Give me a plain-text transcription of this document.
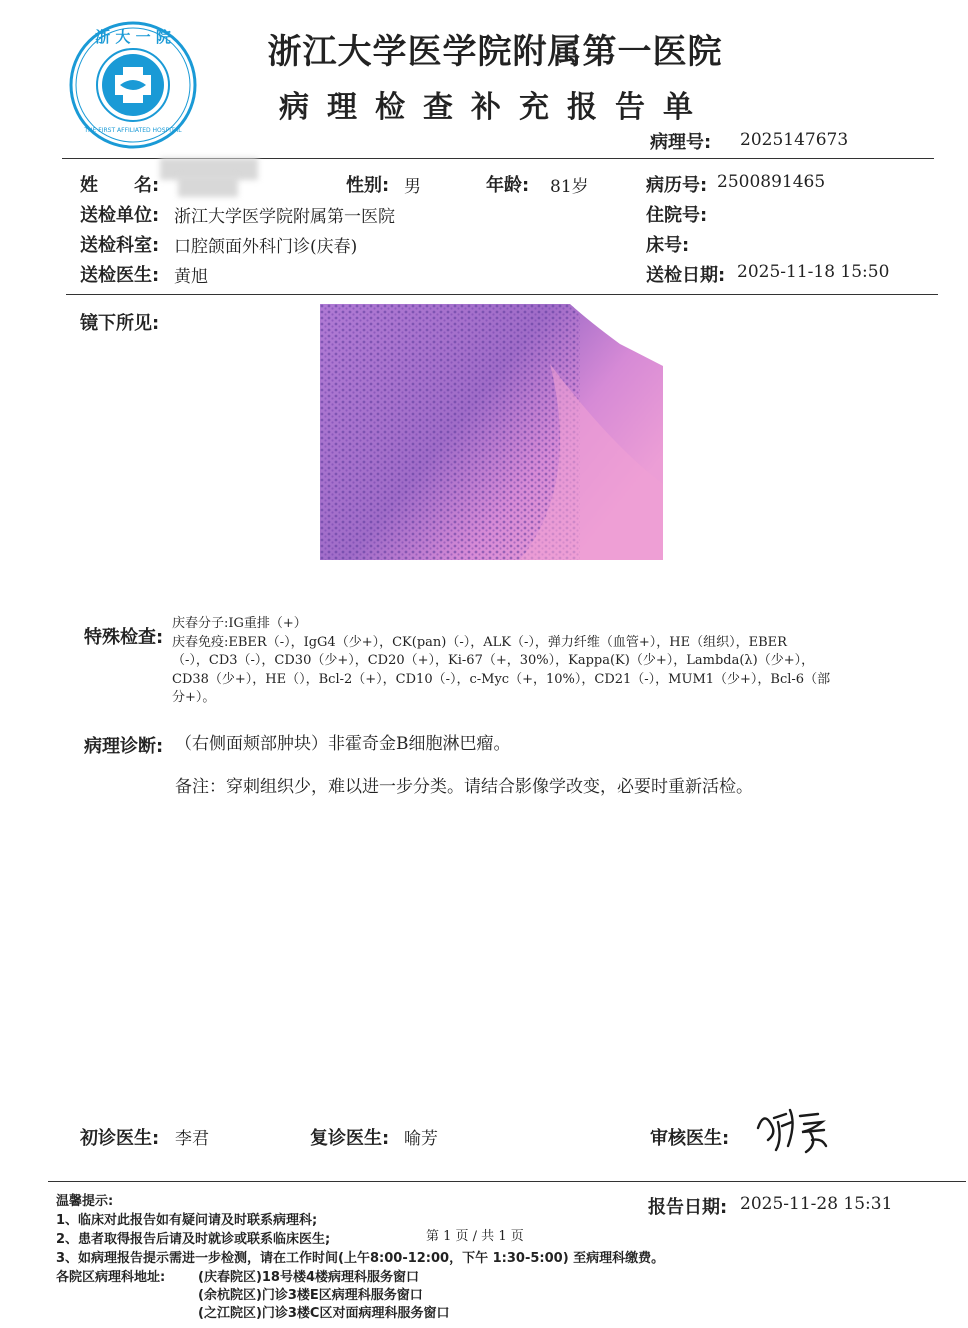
浙 大 一 院
1947
THE FIRST AFFILIATED HOSPITAL
浙江大学医学院附属第一医院
病理检查补充报告单
病理号: 2025147673
姓　　名:	性别: 男	年龄: 81岁	病历号: 2500891465
送检单位: 浙江大学医学院附属第一医院	住院号:
送检科室: 口腔颌面外科门诊(庆春)	床号:
送检医生: 黄旭	送检日期: 2025-11-18 15:50
镜下所见:
特殊检查:
庆春分子:IG重排（+）
庆春免疫:EBER（-），IgG4（少+），CK(pan)（-），ALK（-），弹力纤维（血管+），HE（组织），EBER
（-），CD3（-），CD30（少+），CD20（+），Ki-67（+，30%），Kappa(K)（少+），Lambda(λ)（少+），
CD38（少+），HE（），Bcl-2（+），CD10（-），c-Myc（+，10%），CD21（-），MUM1（少+），Bcl-6（部
分+）。
病理诊断: （右侧面颊部肿块）非霍奇金B细胞淋巴瘤。
备注：穿刺组织少，难以进一步分类。请结合影像学改变，必要时重新活检。
初诊医生: 李君	复诊医生: 喻芳	审核医生:
温馨提示:
1、临床对此报告如有疑问请及时联系病理科;
2、患者取得报告后请及时就诊或联系临床医生;	第 1 页 / 共 1 页
3、如病理报告提示需进一步检测，请在工作时间(上午8:00-12:00，下午 1:30-5:00) 至病理科缴费。
各院区病理科地址:	(庆春院区)18号楼4楼病理科服务窗口
(余杭院区)门诊3楼E区病理科服务窗口
(之江院区)门诊3楼C区对面病理科服务窗口
报告日期: 2025-11-28 15:31
